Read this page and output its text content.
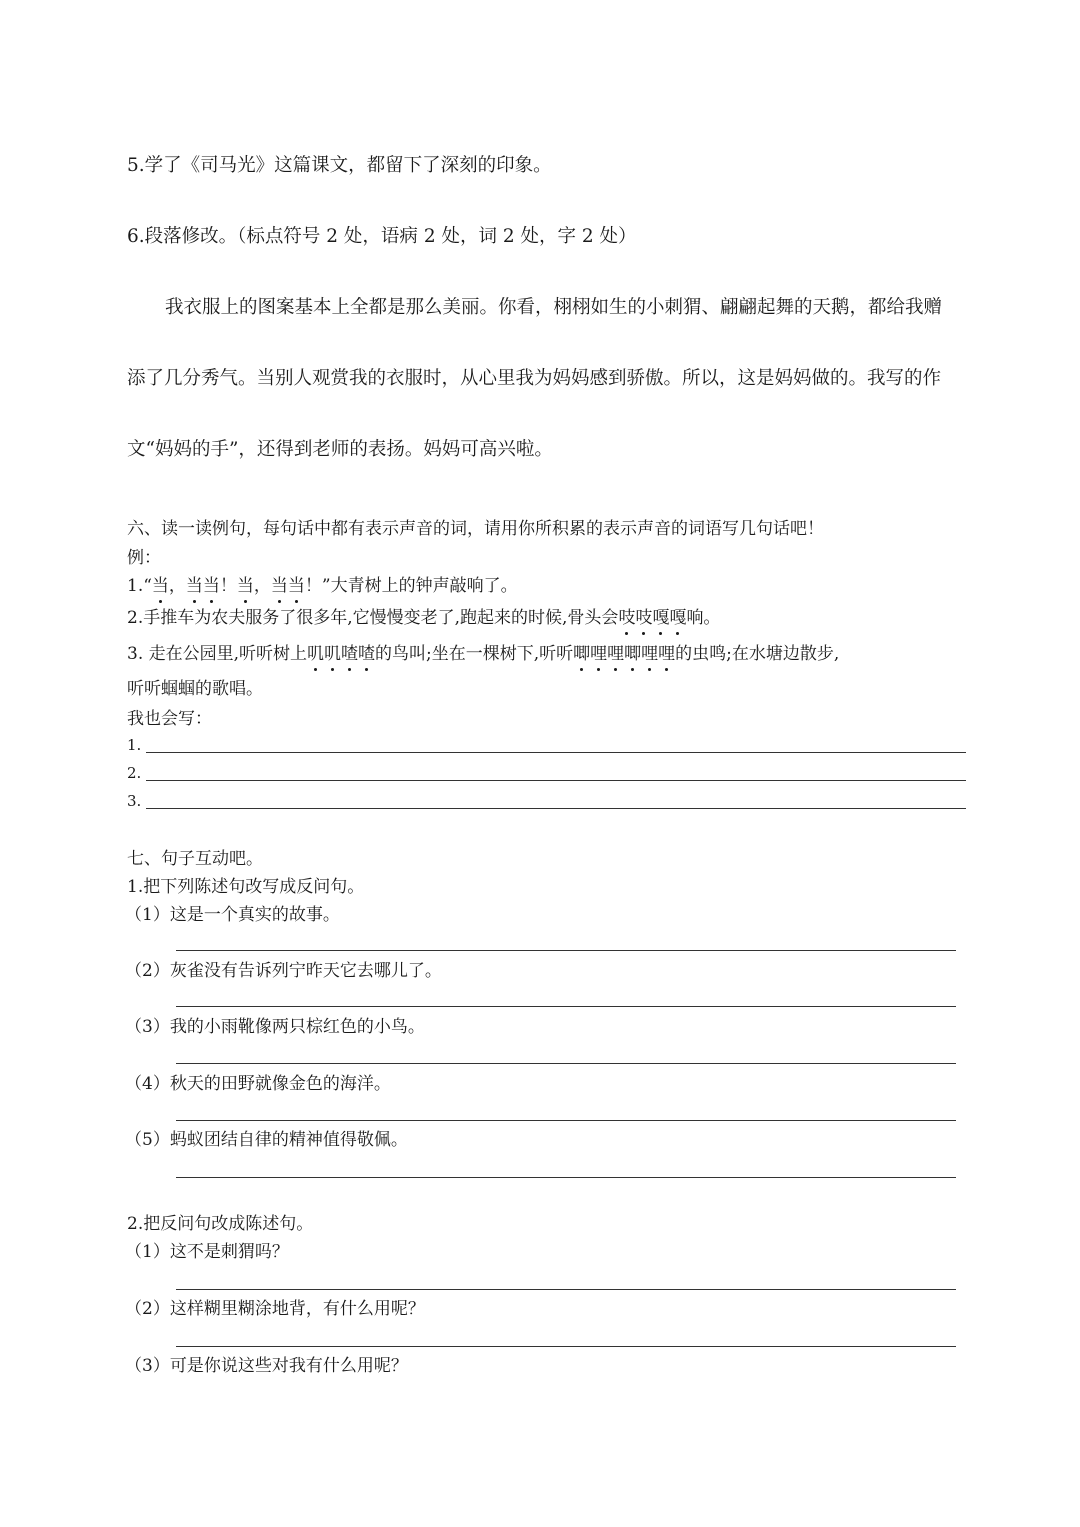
5.学了《司马光》这篇课文，都留下了深刻的印象。
6.段落修改。（标点符号 2 处，语病 2 处，词 2 处，字 2 处）
我衣服上的图案基本上全都是那么美丽。你看，栩栩如生的小刺猬、翩翩起舞的天鹅，都给我赠
添了几分秀气。当别人观赏我的衣服时，从心里我为妈妈感到骄傲。所以，这是妈妈做的。我写的作
文“妈妈的手”，还得到老师的表扬。妈妈可高兴啦。
六、读一读例句，每句话中都有表示声音的词，请用你所积累的表示声音的词语写几句话吧！
例：
1.“当，当当！当，当当！”大青树上的钟声敲响了。
2.手推车为农夫服务了很多年,它慢慢变老了,跑起来的时候,骨头会吱吱嘎嘎响。
3. 走在公园里,听听树上叽叽喳喳的鸟叫;坐在一棵树下,听听唧哩哩唧哩哩的虫鸣;在水塘边散步,
听听蝈蝈的歌唱。
我也会写：
1.
2.
3.
七、句子互动吧。
1.把下列陈述句改写成反问句。
（1）这是一个真实的故事。
（2）灰雀没有告诉列宁昨天它去哪儿了。
（3）我的小雨靴像两只棕红色的小鸟。
（4）秋天的田野就像金色的海洋。
（5）蚂蚁团结自律的精神值得敬佩。
2.把反问句改成陈述句。
（1）这不是刺猬吗？
（2）这样糊里糊涂地背，有什么用呢？
（3）可是你说这些对我有什么用呢？
